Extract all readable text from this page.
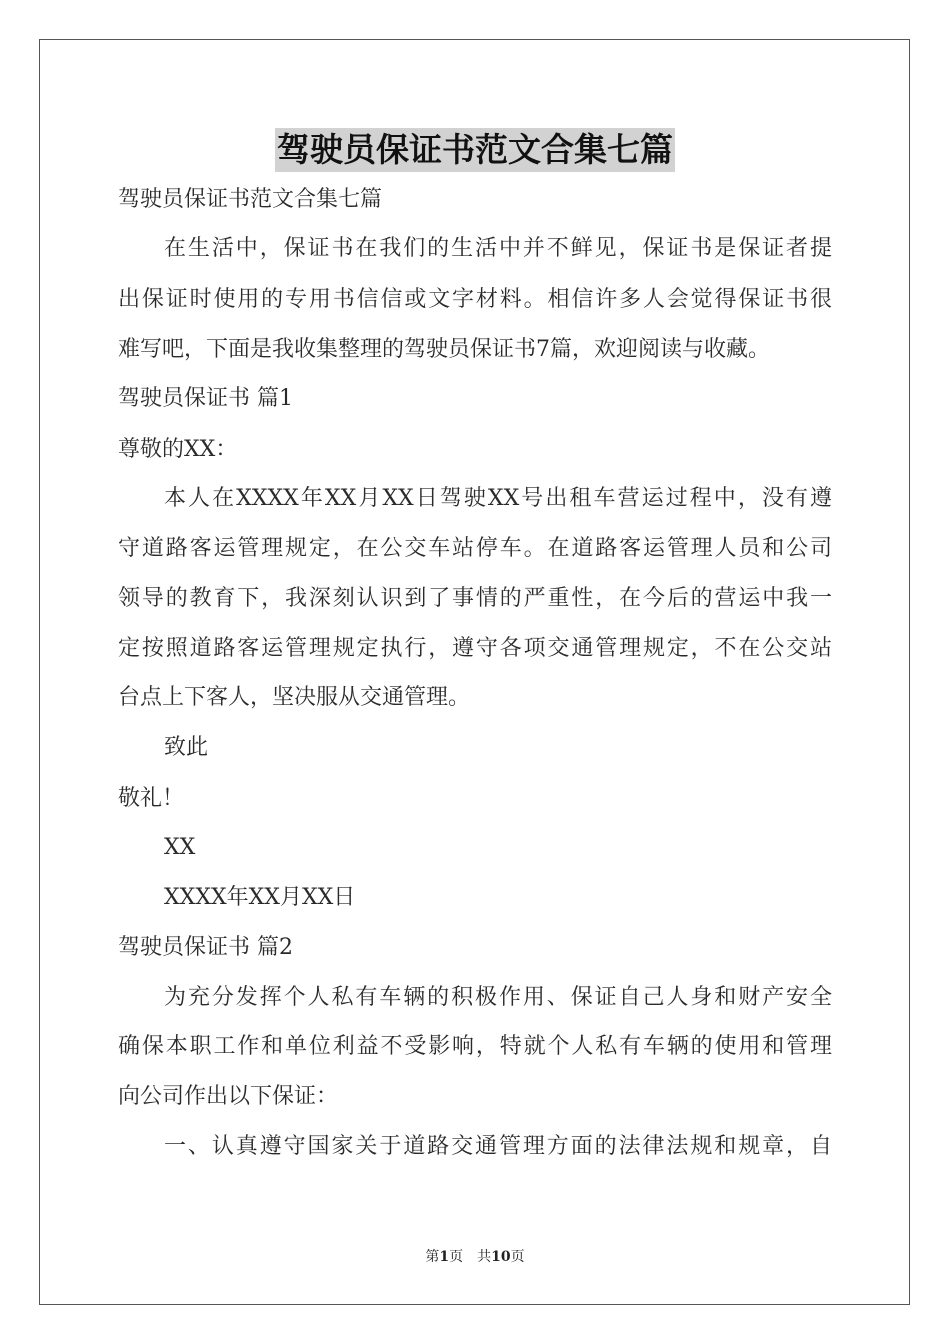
驾驶员保证书范文合集七篇
驾驶员保证书范文合集七篇
在生活中，保证书在我们的生活中并不鲜见，保证书是保证者提
出保证时使用的专用书信信或文字材料。相信许多人会觉得保证书很
难写吧，下面是我收集整理的驾驶员保证书7篇，欢迎阅读与收藏。
驾驶员保证书 篇1
尊敬的XX：
本人在XXXX年XX月XX日驾驶XX号出租车营运过程中，没有遵
守道路客运管理规定，在公交车站停车。在道路客运管理人员和公司
领导的教育下，我深刻认识到了事情的严重性，在今后的营运中我一
定按照道路客运管理规定执行，遵守各项交通管理规定，不在公交站
台点上下客人，坚决服从交通管理。
致此
敬礼！
XX
XXXX年XX月XX日
驾驶员保证书 篇2
为充分发挥个人私有车辆的积极作用、保证自己人身和财产安全
确保本职工作和单位利益不受影响，特就个人私有车辆的使用和管理
向公司作出以下保证：
一、认真遵守国家关于道路交通管理方面的法律法规和规章，自
第1页　 共10页
